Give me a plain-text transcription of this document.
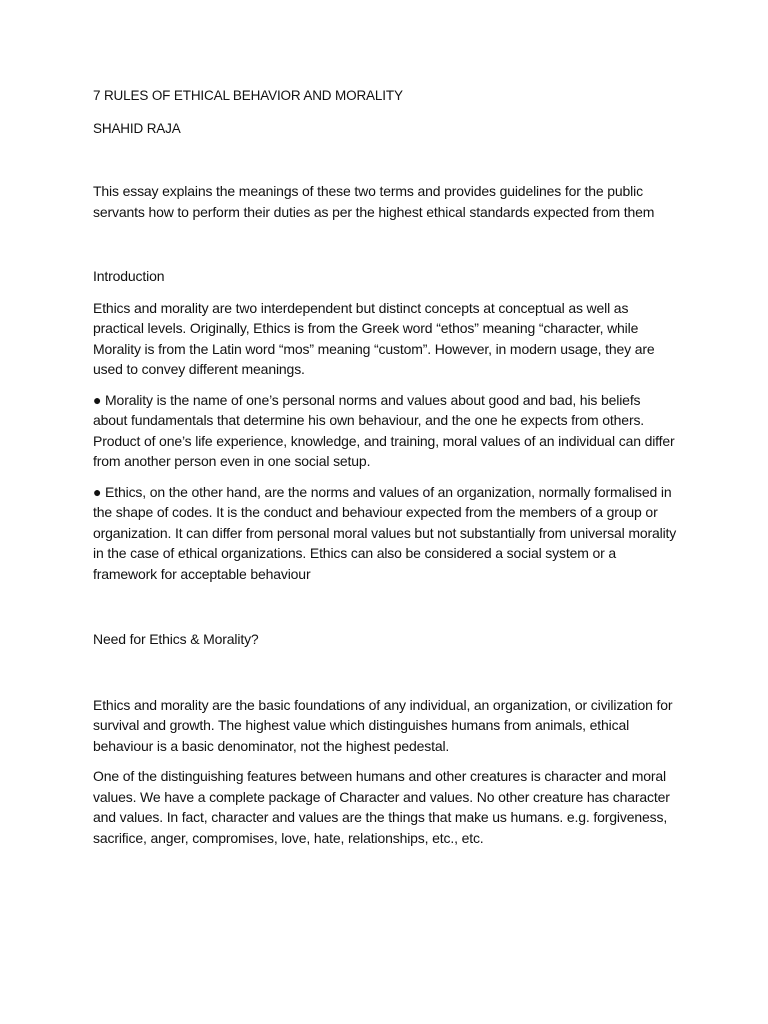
7 RULES OF ETHICAL BEHAVIOR AND MORALITY

SHAHID RAJA

This essay explains the meanings of these two terms and provides guidelines for the public servants how to perform their duties as per the highest ethical standards expected from them

Introduction

Ethics and morality are two interdependent but distinct concepts at conceptual as well as practical levels. Originally, Ethics is from the Greek word “ethos” meaning “character, while Morality is from the Latin word “mos” meaning “custom”. However, in modern usage, they are used to convey different meanings.

● Morality is the name of one’s personal norms and values about good and bad, his beliefs about fundamentals that determine his own behaviour, and the one he expects from others. Product of one’s life experience, knowledge, and training, moral values of an individual can differ from another person even in one social setup.

● Ethics, on the other hand, are the norms and values of an organization, normally formalised in the shape of codes. It is the conduct and behaviour expected from the members of a group or organization. It can differ from personal moral values but not substantially from universal morality in the case of ethical organizations. Ethics can also be considered a social system or a framework for acceptable behaviour

Need for Ethics & Morality?

Ethics and morality are the basic foundations of any individual, an organization, or civilization for survival and growth. The highest value which distinguishes humans from animals, ethical behaviour is a basic denominator, not the highest pedestal.

One of the distinguishing features between humans and other creatures is character and moral values. We have a complete package of Character and values. No other creature has character and values. In fact, character and values are the things that make us humans. e.g. forgiveness, sacrifice, anger, compromises, love, hate, relationships, etc., etc.
